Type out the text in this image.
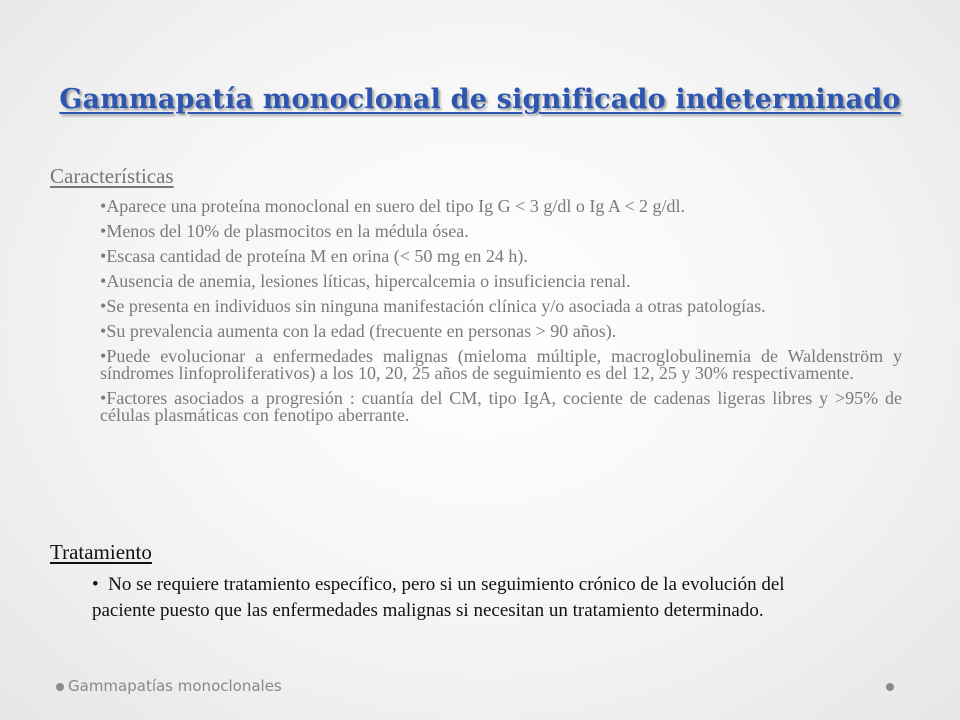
Gammapatía monoclonal de significado indeterminado
Características
•Aparece una proteína monoclonal en suero del tipo Ig G < 3 g/dl o Ig A < 2 g/dl.
•Menos del 10% de plasmocitos en la médula ósea.
•Escasa cantidad de proteína M en orina (< 50 mg en 24 h).
•Ausencia de anemia, lesiones líticas, hipercalcemia o insuficiencia renal.
•Se presenta en individuos sin ninguna manifestación clínica y/o asociada a otras patologías.
•Su prevalencia aumenta con la edad (frecuente en personas > 90 años).
•Puede evolucionar a enfermedades malignas (mieloma múltiple, macroglobulinemia de Waldenström y síndromes linfoproliferativos) a los 10, 20, 25 años de seguimiento es del 12, 25 y 30% respectivamente.
•Factores asociados a progresión : cuantía del CM, tipo IgA, cociente de cadenas ligeras libres y >95% de células plasmáticas con fenotipo aberrante.
Tratamiento

• No se requiere tratamiento específico, pero si un seguimiento crónico de la evolución del paciente puesto que las enfermedades malignas si necesitan un tratamiento determinado.

Gammapatías monoclonales
